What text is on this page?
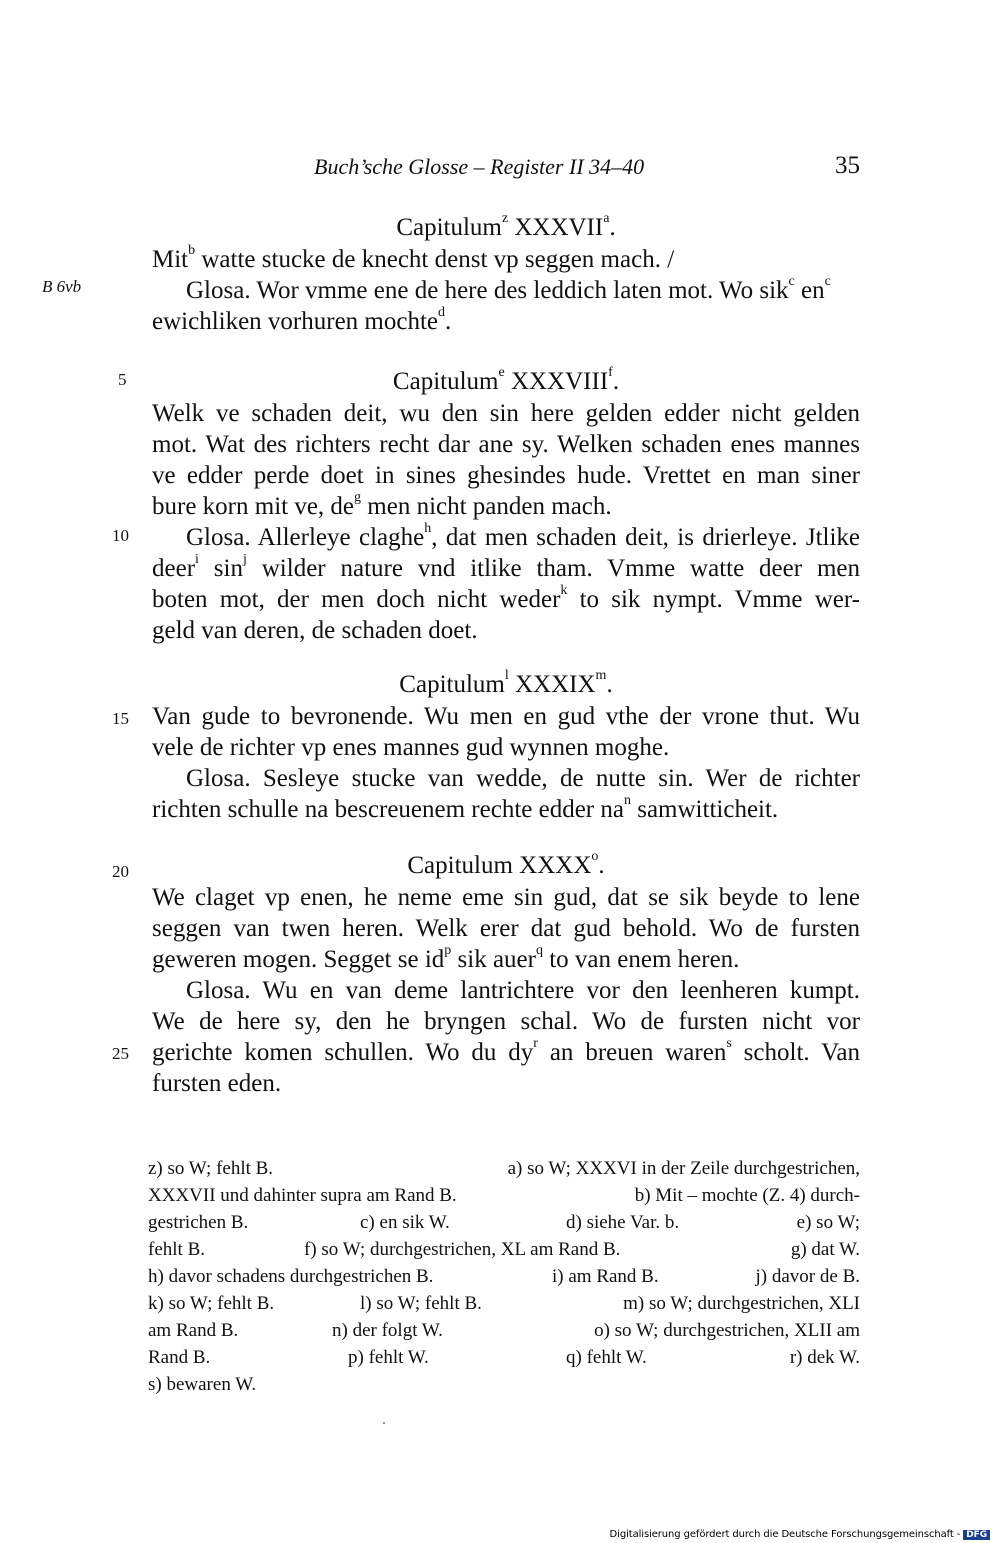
Buch’sche Glosse – Register II 34–40	35
B 6vb
5
10
15
20
25
Capitulum$^z$ XXXVII$^a$.
Mit$^b$ watte stucke de knecht denst vp seggen mach. /
Glosa. Wor vmme ene de here des leddich laten mot. Wo sik$^c$ $en^c$
ewichliken vorhuren mochte$^d$.
Capitulum$^e$ XXXVIII$^f$.
Welk ve schaden deit, wu den sin here gelden edder nicht gelden
mot. Wat des richters recht dar ane sy. Welken schaden enes mannes
ve edder perde doet in sines ghesindes hude. Vrettet en man siner
bure korn mit ve, $de^g$ men nicht panden mach.
Glosa. Allerleye claghe$^h$, dat men schaden deit, is drierleye. Jtlike
deer$^i$ $\sin^j$ wilder nature vnd itlike tham. Vmme watte deer men
boten mot, der men doch nicht weder$^k$ to sik nympt. Vmme wer-
geld van deren, de schaden doet.
Capitulum$^l$ XXXIX$^m$.
Van gude to bevronende. Wu men en gud vthe der vrone thut. Wu
vele de richter vp enes mannes gud wynnen moghe.
Glosa. Sesleye stucke van wedde, de nutte sin. Wer de richter
richten schulle na bescreuenem rechte edder $na^n$ samwitticheit.
Capitulum XXXX$^o$.
We claget vp enen, he neme eme sin gud, dat se sik beyde to lene
seggen van twen heren. Welk erer dat gud behold. Wo de fursten
geweren mogen. Segget se $id^p$ sik auer$^q$ to van enem heren.
Glosa. Wu en van deme lantrichtere vor den leenheren kumpt.
We de here sy, den he bryngen schal. Wo de fursten nicht vor
gerichte komen schullen. Wo du $dy^r$ an breuen waren$^s$ scholt. Van
fursten eden.
z) so W; fehlt B.	a) so W; XXXVI in der Zeile durchgestrichen,
XXXVII und dahinter supra am Rand B.	b) Mit – mochte (Z. 4) durch-
gestrichen B.	c) en sik W.	d) siehe Var. b.	e) so W;
fehlt B.	f) so W; durchgestrichen, XL am Rand B.	g) dat W.
h) davor schadens durchgestrichen B.	i) am Rand B.	j) davor de B.
k) so W; fehlt B.	l) so W; fehlt B.	m) so W; durchgestrichen, XLI
am Rand B.	n) der folgt W.	o) so W; durchgestrichen, XLII am
Rand B.	p) fehlt W.	q) fehlt W.	r) dek W.
s) bewaren W.
Digitalisierung gefördert durch die Deutsche Forschungsgemeinschaft - DFG
